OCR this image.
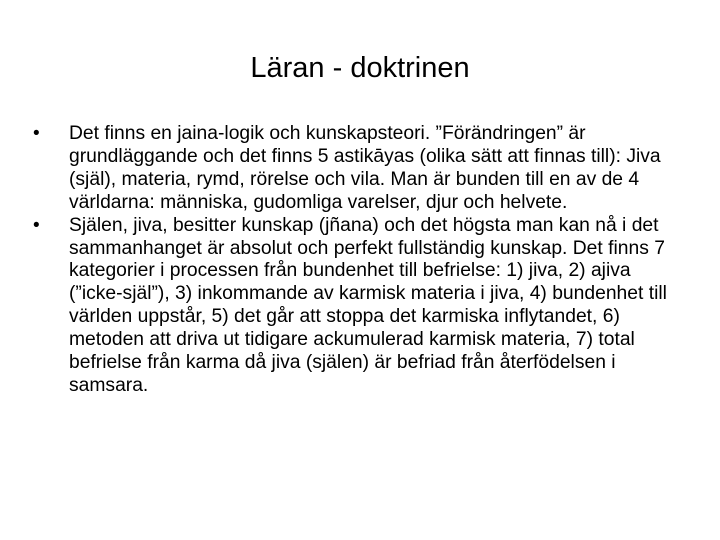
Läran - doktrinen
•	Det finns en jaina-logik och kunskapsteori. ”Förändringen” är grundläggande och det finns 5 astikāyas (olika sätt att finnas till): Jiva (själ), materia, rymd, rörelse och vila. Man är bunden till en av de 4 världarna: människa, gudomliga varelser, djur och helvete.
•	Själen, jiva, besitter kunskap (jñana) och det högsta man kan nå i det sammanhanget är absolut och perfekt fullständig kunskap. Det finns 7 kategorier i processen från bundenhet till befrielse: 1) jiva, 2) ajiva (”icke-själ”), 3) inkommande av karmisk materia i jiva, 4) bundenhet till världen uppstår, 5) det går att stoppa det karmiska inflytandet, 6) metoden att driva ut tidigare ackumulerad karmisk materia, 7) total befrielse från karma då jiva (själen) är befriad från återfödelsen i samsara.
